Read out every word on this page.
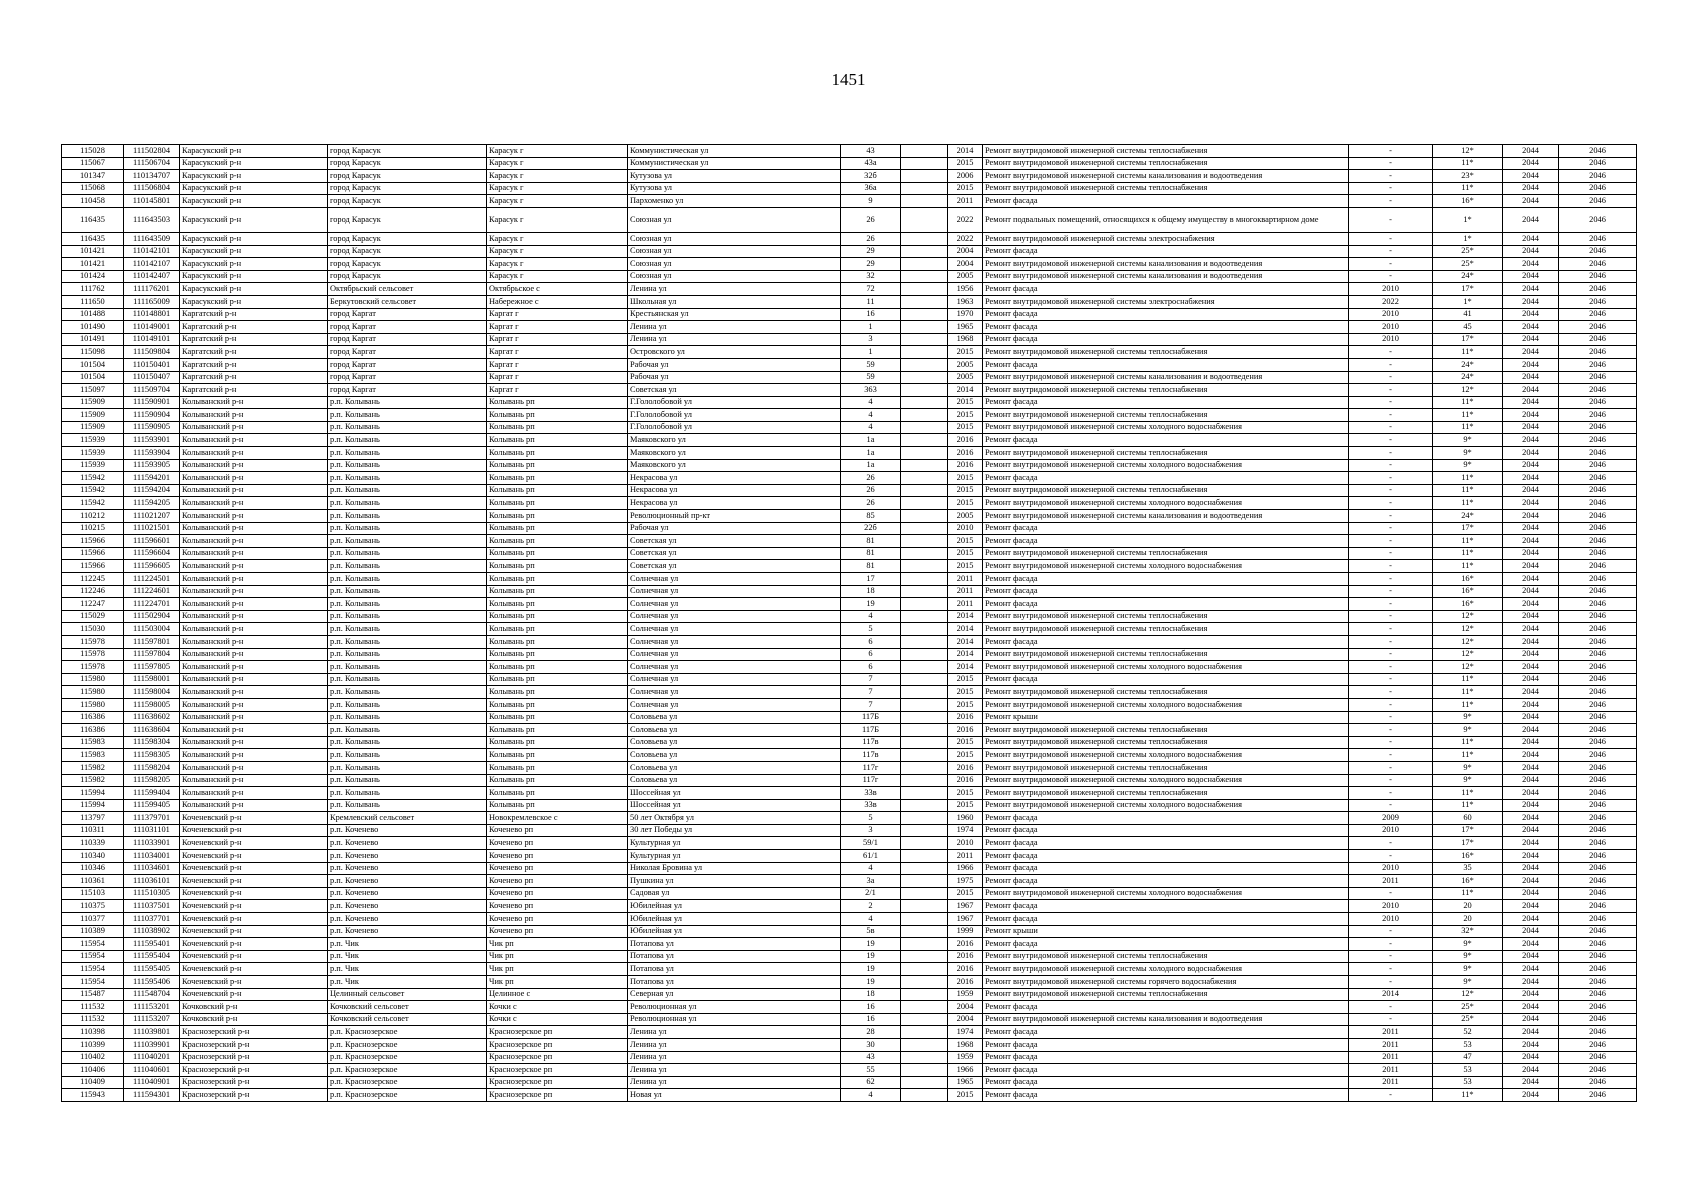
1451
115028	111502804	Карасукский р-н	город Карасук	Карасук г	Коммунистическая ул	43		2014	Ремонт внутридомовой инженерной системы теплоснабжения	-	12*	2044	2046
115067	111506704	Карасукский р-н	город Карасук	Карасук г	Коммунистическая ул	43а		2015	Ремонт внутридомовой инженерной системы теплоснабжения	-	11*	2044	2046
101347	110134707	Карасукский р-н	город Карасук	Карасук г	Кутузова ул	32б		2006	Ремонт внутридомовой инженерной системы канализования и водоотведения	-	23*	2044	2046
115068	111506804	Карасукский р-н	город Карасук	Карасук г	Кутузова ул	36а		2015	Ремонт внутридомовой инженерной системы теплоснабжения	-	11*	2044	2046
110458	110145801	Карасукский р-н	город Карасук	Карасук г	Пархоменко ул	9		2011	Ремонт фасада	-	16*	2044	2046
116435	111643503	Карасукский р-н	город Карасук	Карасук г	Союзная ул	26		2022	Ремонт подвальных помещений, относящихся к общему имуществу в многоквартирном доме	-	1*	2044	2046
116435	111643509	Карасукский р-н	город Карасук	Карасук г	Союзная ул	26		2022	Ремонт внутридомовой инженерной системы электроснабжения	-	1*	2044	2046
101421	110142101	Карасукский р-н	город Карасук	Карасук г	Союзная ул	29		2004	Ремонт фасада	-	25*	2044	2046
101421	110142107	Карасукский р-н	город Карасук	Карасук г	Союзная ул	29		2004	Ремонт внутридомовой инженерной системы канализования и водоотведения	-	25*	2044	2046
101424	110142407	Карасукский р-н	город Карасук	Карасук г	Союзная ул	32		2005	Ремонт внутридомовой инженерной системы канализования и водоотведения	-	24*	2044	2046
111762	111176201	Карасукский р-н	Октябрьский сельсовет	Октябрьское с	Ленина ул	72		1956	Ремонт фасада	2010	17*	2044	2046
111650	111165009	Карасукский р-н	Беркутовский сельсовет	Набережное с	Школьная ул	11		1963	Ремонт внутридомовой инженерной системы электроснабжения	2022	1*	2044	2046
101488	110148801	Каргатский р-н	город Каргат	Каргат г	Крестьянская ул	16		1970	Ремонт фасада	2010	41	2044	2046
101490	110149001	Каргатский р-н	город Каргат	Каргат г	Ленина ул	1		1965	Ремонт фасада	2010	45	2044	2046
101491	110149101	Каргатский р-н	город Каргат	Каргат г	Ленина ул	3		1968	Ремонт фасада	2010	17*	2044	2046
115098	111509804	Каргатский р-н	город Каргат	Каргат г	Островского ул	1		2015	Ремонт внутридомовой инженерной системы теплоснабжения	-	11*	2044	2046
101504	110150401	Каргатский р-н	город Каргат	Каргат г	Рабочая ул	59		2005	Ремонт фасада	-	24*	2044	2046
101504	110150407	Каргатский р-н	город Каргат	Каргат г	Рабочая ул	59		2005	Ремонт внутридомовой инженерной системы канализования и водоотведения	-	24*	2044	2046
115097	111509704	Каргатский р-н	город Каргат	Каргат г	Советская ул	363		2014	Ремонт внутридомовой инженерной системы теплоснабжения	-	12*	2044	2046
115909	111590901	Колыванский р-н	р.п. Колывань	Колывань рп	Г.Гололобовой ул	4		2015	Ремонт фасада	-	11*	2044	2046
115909	111590904	Колыванский р-н	р.п. Колывань	Колывань рп	Г.Гололобовой ул	4		2015	Ремонт внутридомовой инженерной системы теплоснабжения	-	11*	2044	2046
115909	111590905	Колыванский р-н	р.п. Колывань	Колывань рп	Г.Гололобовой ул	4		2015	Ремонт внутридомовой инженерной системы холодного водоснабжения	-	11*	2044	2046
115939	111593901	Колыванский р-н	р.п. Колывань	Колывань рп	Маяковского ул	1а		2016	Ремонт фасада	-	9*	2044	2046
115939	111593904	Колыванский р-н	р.п. Колывань	Колывань рп	Маяковского ул	1а		2016	Ремонт внутридомовой инженерной системы теплоснабжения	-	9*	2044	2046
115939	111593905	Колыванский р-н	р.п. Колывань	Колывань рп	Маяковского ул	1а		2016	Ремонт внутридомовой инженерной системы холодного водоснабжения	-	9*	2044	2046
115942	111594201	Колыванский р-н	р.п. Колывань	Колывань рп	Некрасова ул	26		2015	Ремонт фасада	-	11*	2044	2046
115942	111594204	Колыванский р-н	р.п. Колывань	Колывань рп	Некрасова ул	26		2015	Ремонт внутридомовой инженерной системы теплоснабжения	-	11*	2044	2046
115942	111594205	Колыванский р-н	р.п. Колывань	Колывань рп	Некрасова ул	26		2015	Ремонт внутридомовой инженерной системы холодного водоснабжения	-	11*	2044	2046
110212	111021207	Колыванский р-н	р.п. Колывань	Колывань рп	Революционный пр-кт	85		2005	Ремонт внутридомовой инженерной системы канализования и водоотведения	-	24*	2044	2046
110215	111021501	Колыванский р-н	р.п. Колывань	Колывань рп	Рабочая ул	22б		2010	Ремонт фасада	-	17*	2044	2046
115966	111596601	Колыванский р-н	р.п. Колывань	Колывань рп	Советская ул	81		2015	Ремонт фасада	-	11*	2044	2046
115966	111596604	Колыванский р-н	р.п. Колывань	Колывань рп	Советская ул	81		2015	Ремонт внутридомовой инженерной системы теплоснабжения	-	11*	2044	2046
115966	111596605	Колыванский р-н	р.п. Колывань	Колывань рп	Советская ул	81		2015	Ремонт внутридомовой инженерной системы холодного водоснабжения	-	11*	2044	2046
112245	111224501	Колыванский р-н	р.п. Колывань	Колывань рп	Солнечная ул	17		2011	Ремонт фасада	-	16*	2044	2046
112246	111224601	Колыванский р-н	р.п. Колывань	Колывань рп	Солнечная ул	18		2011	Ремонт фасада	-	16*	2044	2046
112247	111224701	Колыванский р-н	р.п. Колывань	Колывань рп	Солнечная ул	19		2011	Ремонт фасада	-	16*	2044	2046
115029	111502904	Колыванский р-н	р.п. Колывань	Колывань рп	Солнечная ул	4		2014	Ремонт внутридомовой инженерной системы теплоснабжения	-	12*	2044	2046
115030	111503004	Колыванский р-н	р.п. Колывань	Колывань рп	Солнечная ул	5		2014	Ремонт внутридомовой инженерной системы теплоснабжения	-	12*	2044	2046
115978	111597801	Колыванский р-н	р.п. Колывань	Колывань рп	Солнечная ул	6		2014	Ремонт фасада	-	12*	2044	2046
115978	111597804	Колыванский р-н	р.п. Колывань	Колывань рп	Солнечная ул	6		2014	Ремонт внутридомовой инженерной системы теплоснабжения	-	12*	2044	2046
115978	111597805	Колыванский р-н	р.п. Колывань	Колывань рп	Солнечная ул	6		2014	Ремонт внутридомовой инженерной системы холодного водоснабжения	-	12*	2044	2046
115980	111598001	Колыванский р-н	р.п. Колывань	Колывань рп	Солнечная ул	7		2015	Ремонт фасада	-	11*	2044	2046
115980	111598004	Колыванский р-н	р.п. Колывань	Колывань рп	Солнечная ул	7		2015	Ремонт внутридомовой инженерной системы теплоснабжения	-	11*	2044	2046
115980	111598005	Колыванский р-н	р.п. Колывань	Колывань рп	Солнечная ул	7		2015	Ремонт внутридомовой инженерной системы холодного водоснабжения	-	11*	2044	2046
116386	111638602	Колыванский р-н	р.п. Колывань	Колывань рп	Соловьева ул	117Б		2016	Ремонт крыши	-	9*	2044	2046
116386	111638604	Колыванский р-н	р.п. Колывань	Колывань рп	Соловьева ул	117Б		2016	Ремонт внутридомовой инженерной системы теплоснабжения	-	9*	2044	2046
115983	111598304	Колыванский р-н	р.п. Колывань	Колывань рп	Соловьева ул	117в		2015	Ремонт внутридомовой инженерной системы теплоснабжения	-	11*	2044	2046
115983	111598305	Колыванский р-н	р.п. Колывань	Колывань рп	Соловьева ул	117в		2015	Ремонт внутридомовой инженерной системы холодного водоснабжения	-	11*	2044	2046
115982	111598204	Колыванский р-н	р.п. Колывань	Колывань рп	Соловьева ул	117г		2016	Ремонт внутридомовой инженерной системы теплоснабжения	-	9*	2044	2046
115982	111598205	Колыванский р-н	р.п. Колывань	Колывань рп	Соловьева ул	117г		2016	Ремонт внутридомовой инженерной системы холодного водоснабжения	-	9*	2044	2046
115994	111599404	Колыванский р-н	р.п. Колывань	Колывань рп	Шоссейная ул	33в		2015	Ремонт внутридомовой инженерной системы теплоснабжения	-	11*	2044	2046
115994	111599405	Колыванский р-н	р.п. Колывань	Колывань рп	Шоссейная ул	33в		2015	Ремонт внутридомовой инженерной системы холодного водоснабжения	-	11*	2044	2046
113797	111379701	Коченевский р-н	Кремлевский сельсовет	Новокремлевское с	50 лет Октября ул	5		1960	Ремонт фасада	2009	60	2044	2046
110311	111031101	Коченевский р-н	р.п. Коченево	Коченево рп	30 лет Победы ул	3		1974	Ремонт фасада	2010	17*	2044	2046
110339	111033901	Коченевский р-н	р.п. Коченево	Коченево рп	Культурная ул	59/1		2010	Ремонт фасада	-	17*	2044	2046
110340	111034001	Коченевский р-н	р.п. Коченево	Коченево рп	Культурная ул	61/1		2011	Ремонт фасада	-	16*	2044	2046
110346	111034601	Коченевский р-н	р.п. Коченево	Коченево рп	Николая Бровина ул	4		1966	Ремонт фасада	2010	35	2044	2046
110361	111036101	Коченевский р-н	р.п. Коченево	Коченево рп	Пушкина ул	3а		1975	Ремонт фасада	2011	16*	2044	2046
115103	111510305	Коченевский р-н	р.п. Коченево	Коченево рп	Садовая ул	2/1		2015	Ремонт внутридомовой инженерной системы холодного водоснабжения	-	11*	2044	2046
110375	111037501	Коченевский р-н	р.п. Коченево	Коченево рп	Юбилейная ул	2		1967	Ремонт фасада	2010	20	2044	2046
110377	111037701	Коченевский р-н	р.п. Коченево	Коченево рп	Юбилейная ул	4		1967	Ремонт фасада	2010	20	2044	2046
110389	111038902	Коченевский р-н	р.п. Коченево	Коченево рп	Юбилейная ул	5в		1999	Ремонт крыши	-	32*	2044	2046
115954	111595401	Коченевский р-н	р.п. Чик	Чик рп	Потапова ул	19		2016	Ремонт фасада	-	9*	2044	2046
115954	111595404	Коченевский р-н	р.п. Чик	Чик рп	Потапова ул	19		2016	Ремонт внутридомовой инженерной системы теплоснабжения	-	9*	2044	2046
115954	111595405	Коченевский р-н	р.п. Чик	Чик рп	Потапова ул	19		2016	Ремонт внутридомовой инженерной системы холодного водоснабжения	-	9*	2044	2046
115954	111595406	Коченевский р-н	р.п. Чик	Чик рп	Потапова ул	19		2016	Ремонт внутридомовой инженерной системы горячего водоснабжения	-	9*	2044	2046
115487	111548704	Коченевский р-н	Целинный сельсовет	Целинное с	Северная ул	18		1959	Ремонт внутридомовой инженерной системы теплоснабжения	2014	12*	2044	2046
111532	111153201	Кочковский р-н	Кочковский сельсовет	Кочки с	Революционная ул	16		2004	Ремонт фасада	-	25*	2044	2046
111532	111153207	Кочковский р-н	Кочковский сельсовет	Кочки с	Революционная ул	16		2004	Ремонт внутридомовой инженерной системы канализования и водоотведения	-	25*	2044	2046
110398	111039801	Краснозерский р-н	р.п. Краснозерское	Краснозерское рп	Ленина ул	28		1974	Ремонт фасада	2011	52	2044	2046
110399	111039901	Краснозерский р-н	р.п. Краснозерское	Краснозерское рп	Ленина ул	30		1968	Ремонт фасада	2011	53	2044	2046
110402	111040201	Краснозерский р-н	р.п. Краснозерское	Краснозерское рп	Ленина ул	43		1959	Ремонт фасада	2011	47	2044	2046
110406	111040601	Краснозерский р-н	р.п. Краснозерское	Краснозерское рп	Ленина ул	55		1966	Ремонт фасада	2011	53	2044	2046
110409	111040901	Краснозерский р-н	р.п. Краснозерское	Краснозерское рп	Ленина ул	62		1965	Ремонт фасада	2011	53	2044	2046
115943	111594301	Краснозерский р-н	р.п. Краснозерское	Краснозерское рп	Новая ул	4		2015	Ремонт фасада	-	11*	2044	2046
